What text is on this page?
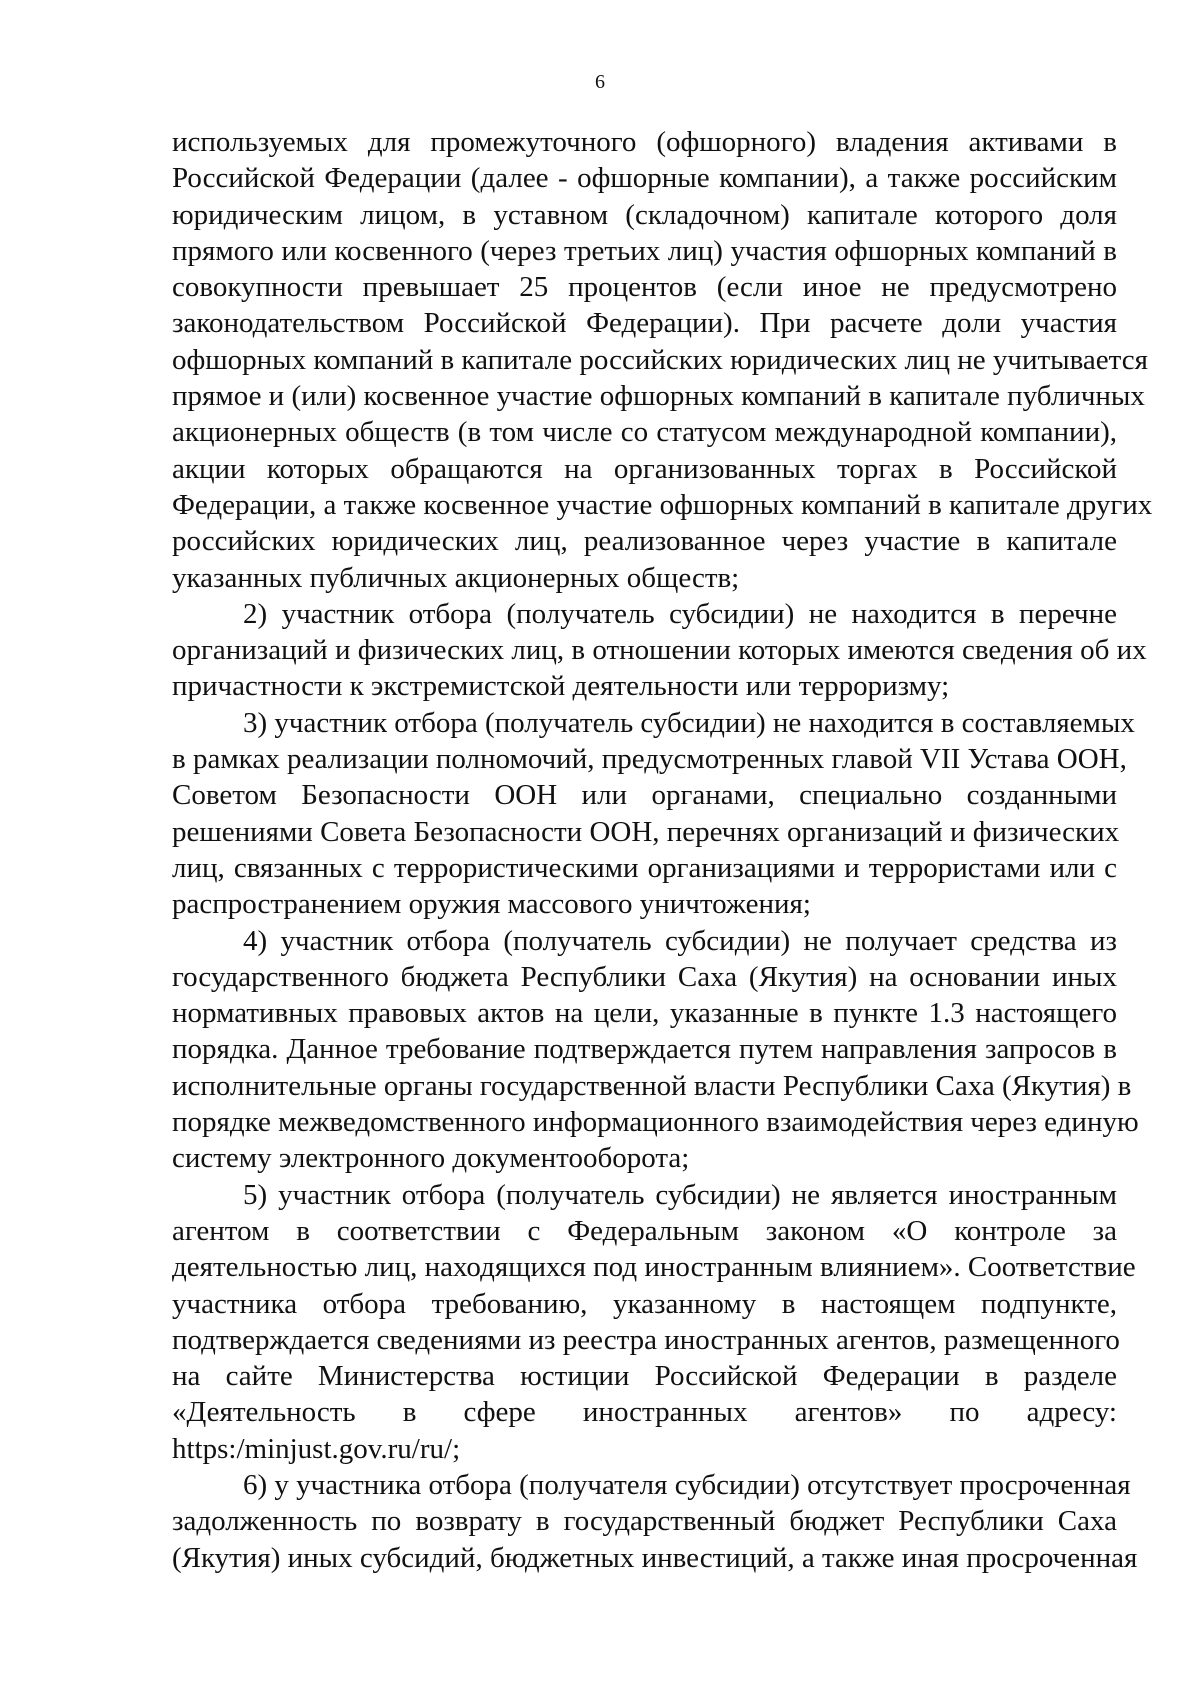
6
используемых для промежуточного (офшорного) владения активами в
Российской Федерации (далее - офшорные компании), а также российским
юридическим лицом, в уставном (складочном) капитале которого доля
прямого или косвенного (через третьих лиц) участия офшорных компаний в
совокупности превышает 25 процентов (если иное не предусмотрено
законодательством Российской Федерации). При расчете доли участия
офшорных компаний в капитале российских юридических лиц не учитывается
прямое и (или) косвенное участие офшорных компаний в капитале публичных
акционерных обществ (в том числе со статусом международной компании),
акции которых обращаются на организованных торгах в Российской
Федерации, а также косвенное участие офшорных компаний в капитале других
российских юридических лиц, реализованное через участие в капитале
указанных публичных акционерных обществ;
2) участник отбора (получатель субсидии) не находится в перечне
организаций и физических лиц, в отношении которых имеются сведения об их
причастности к экстремистской деятельности или терроризму;
3) участник отбора (получатель субсидии) не находится в составляемых
в рамках реализации полномочий, предусмотренных главой VII Устава ООН,
Советом Безопасности ООН или органами, специально созданными
решениями Совета Безопасности ООН, перечнях организаций и физических
лиц, связанных с террористическими организациями и террористами или с
распространением оружия массового уничтожения;
4) участник отбора (получатель субсидии) не получает средства из
государственного бюджета Республики Саха (Якутия) на основании иных
нормативных правовых актов на цели, указанные в пункте 1.3 настоящего
порядка. Данное требование подтверждается путем направления запросов в
исполнительные органы государственной власти Республики Саха (Якутия) в
порядке межведомственного информационного взаимодействия через единую
систему электронного документооборота;
5) участник отбора (получатель субсидии) не является иностранным
агентом в соответствии с Федеральным законом «О контроле за
деятельностью лиц, находящихся под иностранным влиянием». Соответствие
участника отбора требованию, указанному в настоящем подпункте,
подтверждается сведениями из реестра иностранных агентов, размещенного
на сайте Министерства юстиции Российской Федерации в разделе
«Деятельность в сфере иностранных агентов» по адресу:
https:/minjust.gov.ru/ru/;
6) у участника отбора (получателя субсидии) отсутствует просроченная
задолженность по возврату в государственный бюджет Республики Саха
(Якутия) иных субсидий, бюджетных инвестиций, а также иная просроченная
